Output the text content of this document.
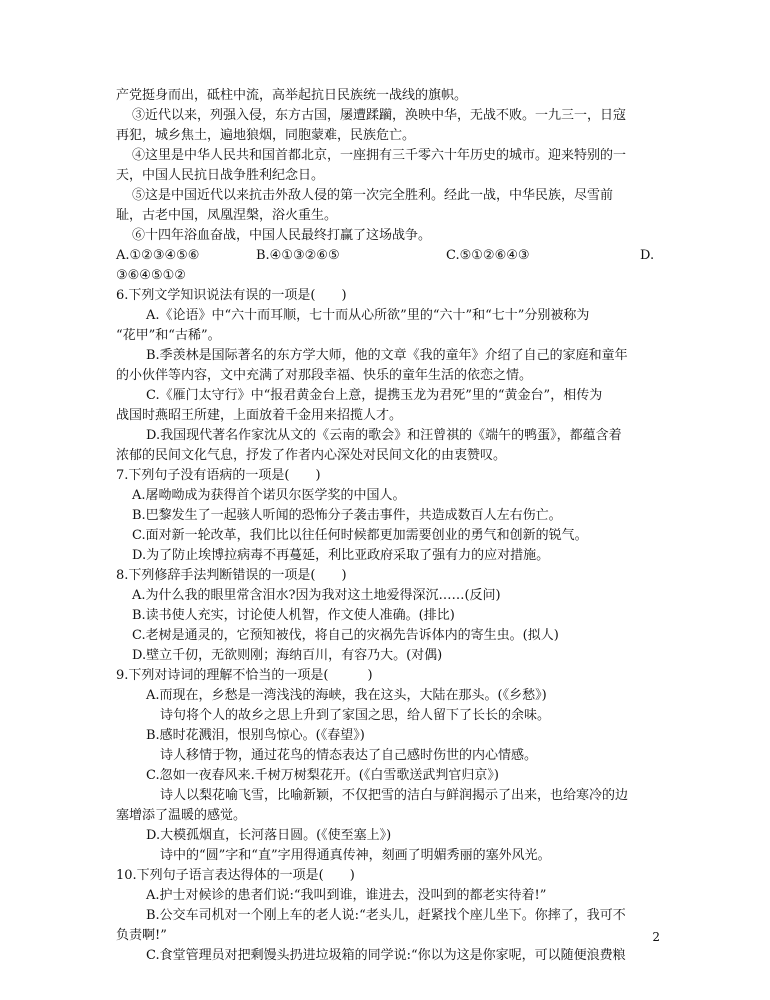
产党挺身而出，砥柱中流，高举起抗日民族统一战线的旗帜。
③近代以来，列强入侵，东方古国，屡遭蹂躏，涣映中华，无战不败。一九三一，日寇
再犯，城乡焦土，遍地狼烟，同胞蒙难，民族危亡。
④这里是中华人民共和国首都北京，一座拥有三千零六十年历史的城市。迎来特别的一
天，中国人民抗日战争胜利纪念日。
⑤这是中国近代以来抗击外敌人侵的第一次完全胜利。经此一战，中华民族，尽雪前
耻，古老中国，凤凰涅槃，浴火重生。
⑥十四年浴血奋战，中国人民最终打赢了这场战争。
A.①②③④⑤⑥	B.④①③②⑥⑤	C.⑤①②⑥④③	D.
③⑥④⑤①②
6.下列文学知识说法有误的一项是(　　)
A.《论语》中“六十而耳顺，七十而从心所欲”里的“六十”和“七十”分别被称为
“花甲”和“古稀”。
B.季羡林是国际著名的东方学大师，他的文章《我的童年》介绍了自己的家庭和童年
的小伙伴等内容，文中充满了对那段幸福、快乐的童年生活的依恋之情。
C.《雁门太守行》中“报君黄金台上意，提携玉龙为君死”里的“黄金台”，相传为
战国时燕昭王所建，上面放着千金用来招揽人才。
D.我国现代著名作家沈从文的《云南的歌会》和汪曾祺的《端午的鸭蛋》，都蕴含着
浓郁的民间文化气息，抒发了作者内心深处对民间文化的由衷赞叹。
7.下列句子没有语病的一项是(　　)
A.屠呦呦成为获得首个诺贝尔医学奖的中国人。
B.巴黎发生了一起骇人听闻的恐怖分子袭击事件，共造成数百人左右伤亡。
C.面对新一轮改革，我们比以往任何时候都更加需要创业的勇气和创新的锐气。
D.为了防止埃博拉病毒不再蔓延，利比亚政府采取了强有力的应对措施。
8.下列修辞手法判断错误的一项是(　　)
A.为什么我的眼里常含泪水?因为我对这土地爱得深沉……(反问)
B.读书使人充实，讨论使人机智，作文使人准确。(排比)
C.老树是通灵的，它预知被伐，将自己的灾祸先告诉体内的寄生虫。(拟人)
D.壁立千仞，无欲则刚；海纳百川，有容乃大。(对偶)
9.下列对诗词的理解不恰当的一项是(　　　)
A.而现在，乡愁是一湾浅浅的海峡，我在这头，大陆在那头。(《乡愁》)
诗句将个人的故乡之思上升到了家国之思，给人留下了长长的余味。
B.感时花溅泪，恨别鸟惊心。(《春望》)
诗人移情于物，通过花鸟的情态表达了自己感时伤世的内心情感。
C.忽如一夜春风来.千树万树梨花开。(《白雪歌送武判官归京》)
诗人以梨花喻飞雪，比喻新颖，不仅把雪的洁白与鲜润揭示了出来，也给寒冷的边
塞增添了温暖的感觉。
D.大模孤烟直，长河落日圆。(《使至塞上》)
诗中的“圆”字和“直”字用得通真传神，刻画了明媚秀丽的塞外风光。
10.下列句子语言表达得体的一项是(　　)
A.护士对候诊的患者们说:“我叫到谁，谁进去，没叫到的都老实待着!”
B.公交车司机对一个刚上车的老人说:“老头儿，赶紧找个座儿坐下。你摔了，我可不
负责啊!”
C.食堂管理员对把剩馒头扔进垃圾箱的同学说:“你以为这是你家呢，可以随便浪费粮
2
